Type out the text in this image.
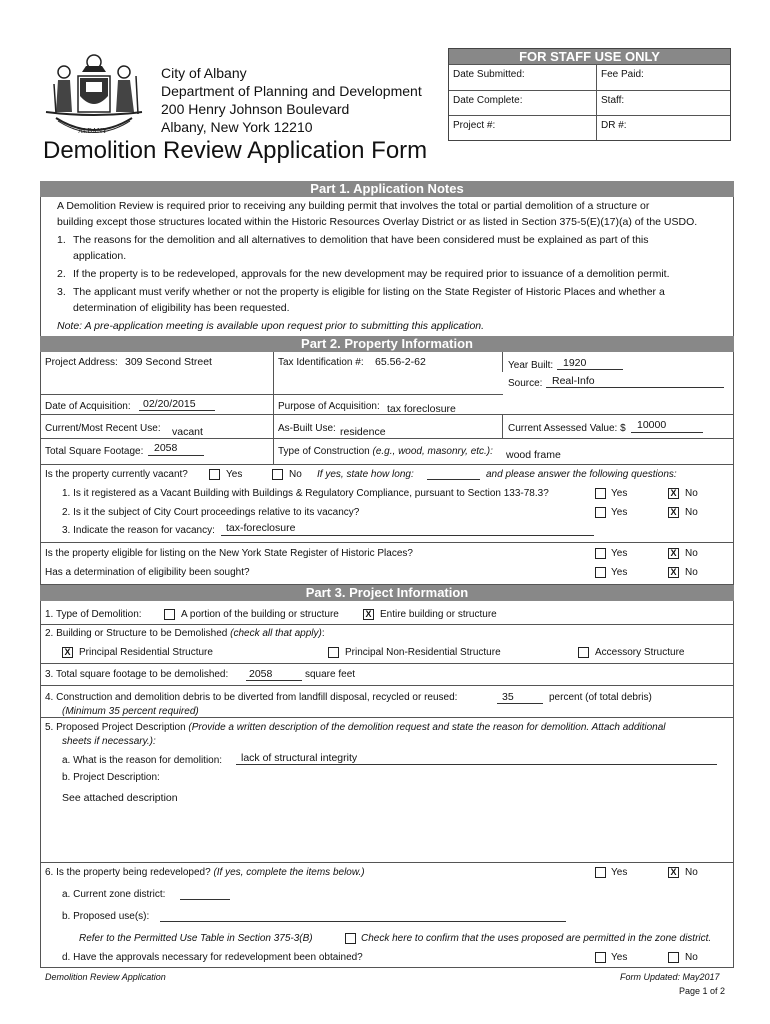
ALBANY
City of Albany
Department of Planning and Development
200 Henry Johnson Boulevard
Albany, New York 12210
Demolition Review Application Form
FOR STAFF USE ONLY
Date Submitted:	Fee Paid:
Date Complete:	Staff:
Project #:	DR #:
Part 1. Application Notes
A Demolition Review is required prior to receiving any building permit that involves the total or partial demolition of a structure or
building except those structures located within the Historic Resources Overlay District or as listed in Section 375-5(E)(17)(a) of the USDO.
1. The reasons for the demolition and all alternatives to demolition that have been considered must be explained as part of this
application.
2. If the property is to be redeveloped, approvals for the new development may be required prior to issuance of a demolition permit.
3. The applicant must verify whether or not the property is eligible for listing on the State Register of Historic Places and whether a
determination of eligibility has been requested.
Note: A pre-application meeting is available upon request prior to submitting this application.
Part 2. Property Information
Project Address: 309 Second Street	Tax Identification #: 65.56-2-62	Year Built: 1920
Source: Real-Info
Date of Acquisition: 02/20/2015	Purpose of Acquisition: tax foreclosure
Current/Most Recent Use: vacant	As-Built Use: residence	Current Assessed Value: $ 10000
Total Square Footage: 2058	Type of Construction (e.g., wood, masonry, etc.): wood frame
Is the property currently vacant?	Yes	No If yes, state how long:	and please answer the following questions:
1. Is it registered as a Vacant Building with Buildings & Regulatory Compliance, pursuant to Section 133-78.3?	Yes	X No
2. Is it the subject of City Court proceedings relative to its vacancy?	Yes	X No
3. Indicate the reason for vacancy: tax-foreclosure
Is the property eligible for listing on the New York State Register of Historic Places?	Yes	X No
Has a determination of eligibility been sought?	Yes	X No
Part 3. Project Information
1. Type of Demolition:	A portion of the building or structure	X Entire building or structure
2. Building or Structure to be Demolished (check all that apply):
X Principal Residential Structure	Principal Non-Residential Structure	Accessory Structure
3. Total square footage to be demolished: 2058	square feet
4. Construction and demolition debris to be diverted from landfill disposal, recycled or reused:	35	percent (of total debris)
(Minimum 35 percent required)
5. Proposed Project Description (Provide a written description of the demolition request and state the reason for demolition. Attach additional
sheets if necessary.):
a. What is the reason for demolition: lack of structural integrity
b. Project Description:
See attached description
6. Is the property being redeveloped? (If yes, complete the items below.)	Yes	X No
a. Current zone district:
b. Proposed use(s):
Refer to the Permitted Use Table in Section 375-3(B)	Check here to confirm that the uses proposed are permitted in the zone district.
d. Have the approvals necessary for redevelopment been obtained?	Yes	No
Demolition Review Application	Form Updated: May2017
Page 1 of 2
